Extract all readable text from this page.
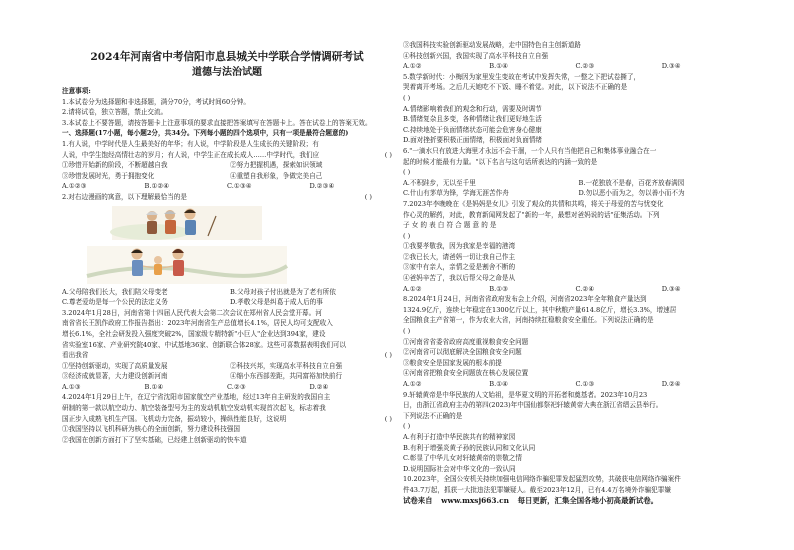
2024年河南省中考信阳市息县城关中学联合学情调研考试
道德与法治试题
注意事项:
1.本试卷分为选择题和非选择题，满分70分，考试时间60分钟。
2.请将试卷，独立答题，禁止交流。
3.本试卷上不要答题，请按答题卡上注意事项的要求直接把答案填写在答题卡上。答在试卷上的答案无效。
一、选择题(17小题，每小题2分，共34分。下列每小题的四个选项中，只有一项是最符合题意的)
1.有人说，中学时代是人生最美好的年华；有人说，中学阶段是人生成长的关键阶段；有
人说，中学生饱经高情壮志的岁月；有人说，中学生正在成长成人……中学时代，我们应	( )
①珍惜开始新的阶段，不断超越自我	②努力把握机遇，探索如识领域
③珍惜发展时光，勇于拥抱变化	④重塑自我形象，争做完美自己
A.①②③	B.①②④	C.①③④	D.②③④
2.对右边漫画的寓意，以下理解最恰当的是	( )
A.父母陪我们长大，我们陪父母变老	B.父母对孩子付出就是为了老有所依
C.尊老爱幼是每一个公民的法定义务	D.孝敬父母是纠葛于成人后的事
3.2024年1月28日，河南省第十四届人民代表大会第二次会议在郑州省人民会堂开幕。河
南省省长王凯作政府工作报告指出：2023年河南省生产总值增长4.1%，居民人均可支配收入
增长6.1%，全社会研发投入强度突破2%，国家级专精特新"小巨人"企业达到394家，建设
省实验室16家、产业研究院40家、中试基地36家、创新联合体28家。这些可喜数据表明我们可以
看出我省	( )
①坚持创新驱动，实现了高质量发展	②科技兴邦，实现高水平科技自立自强
③经济成就显著，大力建设创新河南	④缩小东西部差距，共同富裕加快前行
A.①③	B.①④	C.②③	D.②④
4.2024年1月29日上午，在辽宁省沈阳市国家航空产业基地，经过13年自主研发的我国自主
研制的第一款以航空动力、航空装备型号为主的发动机航空发动机实现首次起飞，标志着我
国正步入成熟飞机生产国。飞机动力完备，振动较小，操纵性能良好，这说明	( )
①我国坚持以飞机科研为核心的全面创新，努力建设科技强国
②我国在创新方面打下了坚实基础，已经建上创新驱动的快车道
③我国科技实验创新驱动发展战略，走中国特色自主创新道路
④科技创新兴国，我国实现了高水平科技自立自强
A.①②	B.①④	C.②③	D.③④
5.数学新时代：小梅因为家里发生变故在考试中发挥失常，一整之下把试卷撕了，
哭着离开考场。之后几天她吃不下饭、睡不着觉。对此，以下说法不正确的是
( )
A.情绪影响着我们的观念和行动，需要及时调节
B.情绪复杂且多变，各种情绪让我们更好地生活
C.持续地处于负面情绪状态可能会危害身心健康
D.面对挫折要积极正面情绪，积极面对负面情绪
6."一滴水只有放进大海里才永远不会干涸，一个人只有当他把自己和集体事业融合在一
起的时候才能最有力量。"以下名言与这句话所表达的内涵一致的是
( )
A.不积跬步，无以至千里	B.一花独放不是春，百花齐放春满园
C.什山有茅草为锋，学海无涯苦作舟	D.勿以恶小而为之，勿以善小而不为
7.2023年李晚晚在《是妈妈是女儿》引发了观众的共情和共鸣，将关于母爱的苦与忧变化
作心灵的解药，对此，教育新闻网发起了"新的一年，最想对爸妈说的话"征集活动。下列
子 女 的 表 白 符 合 题 意 的 是
( )
①我要孝敬我，因为我家是幸福的港湾
②我已长大，请爸妈一切让我自己作主
③家中有亲人，亲情之爱是割舍不断的
④爸妈辛苦了，我以后帮父母之命是从
A.①②	B.①③	C.②④	D.③④
8.2024年1月24日，河南省省政府发布会上介绍，河南省2023年全年粮食产量达到
1324.9亿斤，连续七年稳定在1300亿斤以上，其中秋粮产量614.8亿斤，增长3.3%，增速居
全国粮食主产省第一，作为农业大省，河南持续扛稳粮食安全重任。下列说法正确的是
( )
①河南省省委省政府高度重视粮食安全问题
②河南省可以彻底解决全国粮食安全问题
③粮食安全是国家发展的根本前提
④河南省把粮食安全问题放在核心发展位置
A.①②	B.①④	C.①③	D.②④
9.轩辕黄帝是中华民族的人文始祖，是华夏文明的开拓者和奠基者。2023年10月23
日，由浙江省政府主办的第四(2023)年中国仙都祭祀轩辕黄帝大典在浙江省缙云县举行。
下列说法不正确的是
( )
A.有利于打造中华民族共有的精神家园
B.有利于增强炎黄子孙的民族认同和文化认同
C.彰显了中华儿女对轩辕黄帝的崇敬之情
D.说明国际社会对中华文化的一致认同
10.2023年，全国公安机关持续加强电信网络诈骗犯罪发起猛烈攻势，共破获电信网络诈骗案件
件43.7万起，抓获一大批违法犯罪嫌疑人。截至2023年12月，已有4.4万名境外诈骗犯罪嫌
试卷来自 www.mxsj663.cn 每日更新，汇集全国各地小初高最新试卷。
